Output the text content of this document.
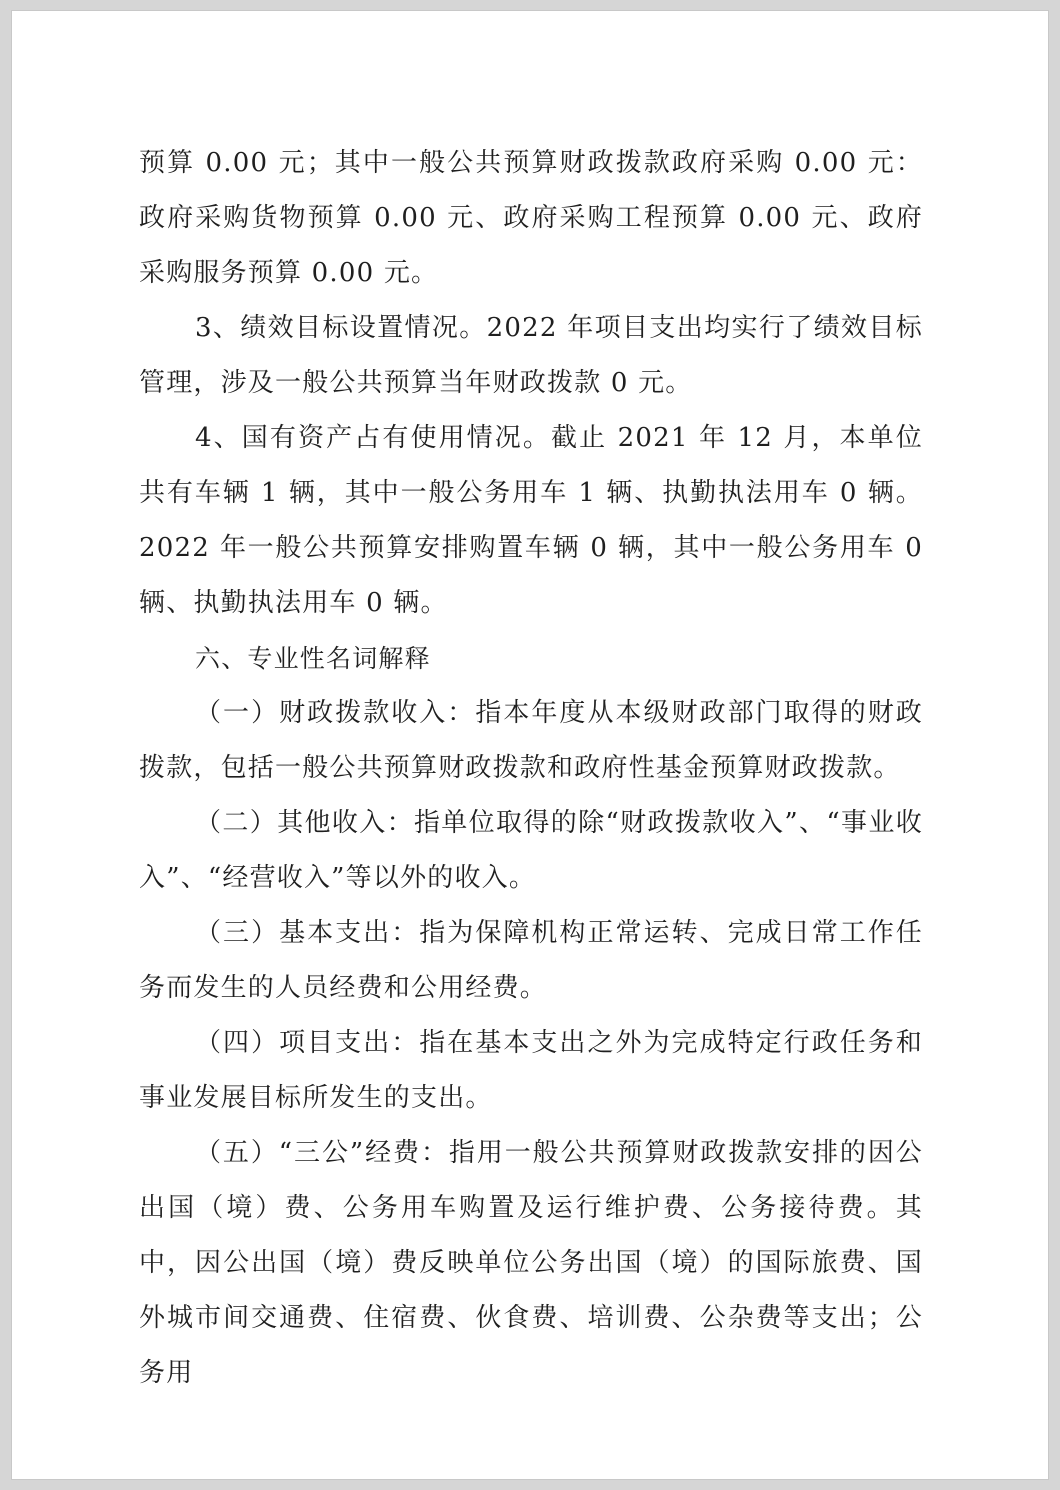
预算 0.00 元；其中一般公共预算财政拨款政府采购 0.00 元：政府采购货物预算 0.00 元、政府采购工程预算 0.00 元、政府采购服务预算 0.00 元。

3、绩效目标设置情况。2022 年项目支出均实行了绩效目标管理，涉及一般公共预算当年财政拨款 0 元。

4、国有资产占有使用情况。截止 2021 年 12 月，本单位共有车辆 1 辆，其中一般公务用车 1 辆、执勤执法用车 0 辆。2022 年一般公共预算安排购置车辆 0 辆，其中一般公务用车 0 辆、执勤执法用车 0 辆。

六、专业性名词解释

（一）财政拨款收入：指本年度从本级财政部门取得的财政拨款，包括一般公共预算财政拨款和政府性基金预算财政拨款。

（二）其他收入：指单位取得的除“财政拨款收入”、“事业收入”、“经营收入”等以外的收入。

（三）基本支出：指为保障机构正常运转、完成日常工作任务而发生的人员经费和公用经费。

（四）项目支出：指在基本支出之外为完成特定行政任务和事业发展目标所发生的支出。

（五）“三公”经费：指用一般公共预算财政拨款安排的因公出国（境）费、公务用车购置及运行维护费、公务接待费。其中，因公出国（境）费反映单位公务出国（境）的国际旅费、国外城市间交通费、住宿费、伙食费、培训费、公杂费等支出；公务用
